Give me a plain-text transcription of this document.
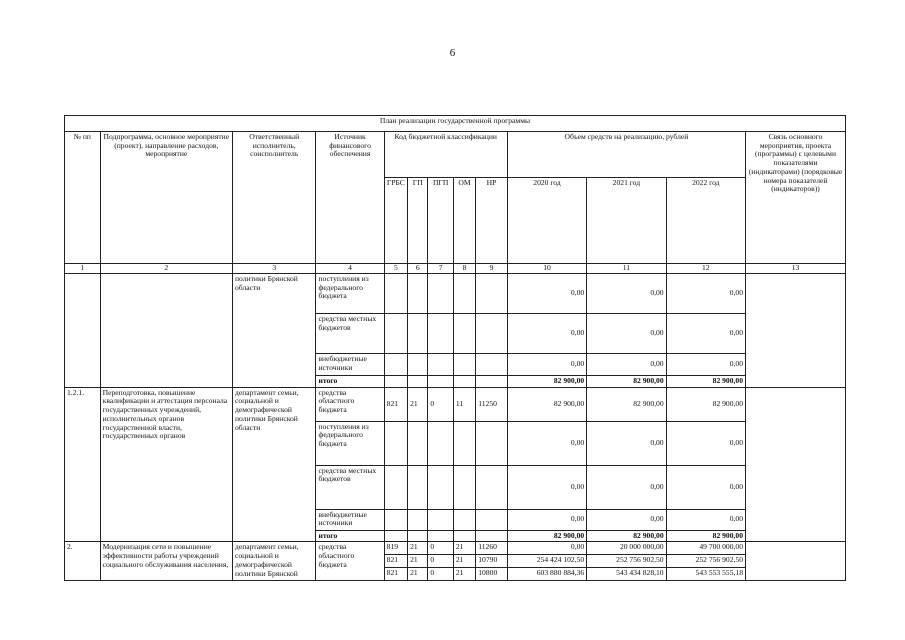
6
План реализации государственной программы												
№ пп	Подпрограмма, основное мероприятие (проект), направление расходов, мероприятие	Ответственный исполнитель, соисполнитель	Источник финансового обеспечения	Код бюджетной классификации					Объем средств на реализацию, рублей			Связь основного мероприятия, проекта (программы) с целевыми показателями (индикаторами) (порядковые номера показателей (индикаторов))
				ГРБС	ГП	ПГП	ОМ	НР	2020 год	2021 год	2022 год	
1	2	3	4	5	6	7	8	9	10	11	12	13
		политики Брянской области	поступления из федерального бюджета						0,00	0,00	0,00	
			средства местных бюджетов						0,00	0,00	0,00	
			внебюджетные источники						0,00	0,00	0,00	
			итого						82 900,00	82 900,00	82 900,00	
1.2.1.	Переподготовка, повышение квалификации и аттестация персонала государственных учреждений, исполнительных органов государственной власти, государственных органов	департамент семьи, социальной и демографической политики Брянской области	средства областного бюджета	821	21	0	11	11250	82 900,00	82 900,00	82 900,00	
			поступления из федерального бюджета						0,00	0,00	0,00	
			средства местных бюджетов						0,00	0,00	0,00	
			внебюджетные источники						0,00	0,00	0,00	
			итого						82 900,00	82 900,00	82 900,00	
2.	Модернизация сети и повышение эффективности работы учреждений социального обслуживания населения,	департамент семьи, социальной и демографической политики Брянской	средства областного бюджета	819	21	0	21	11260	0,00	20 000 000,00	49 700 000,00	
				821	21	0	21	10790	254 424 102,50	252 756 902,50	252 756 902,50	
				821	21	0	21	10800	603 880 884,36	543 434 828,10	543 553 555,18	
